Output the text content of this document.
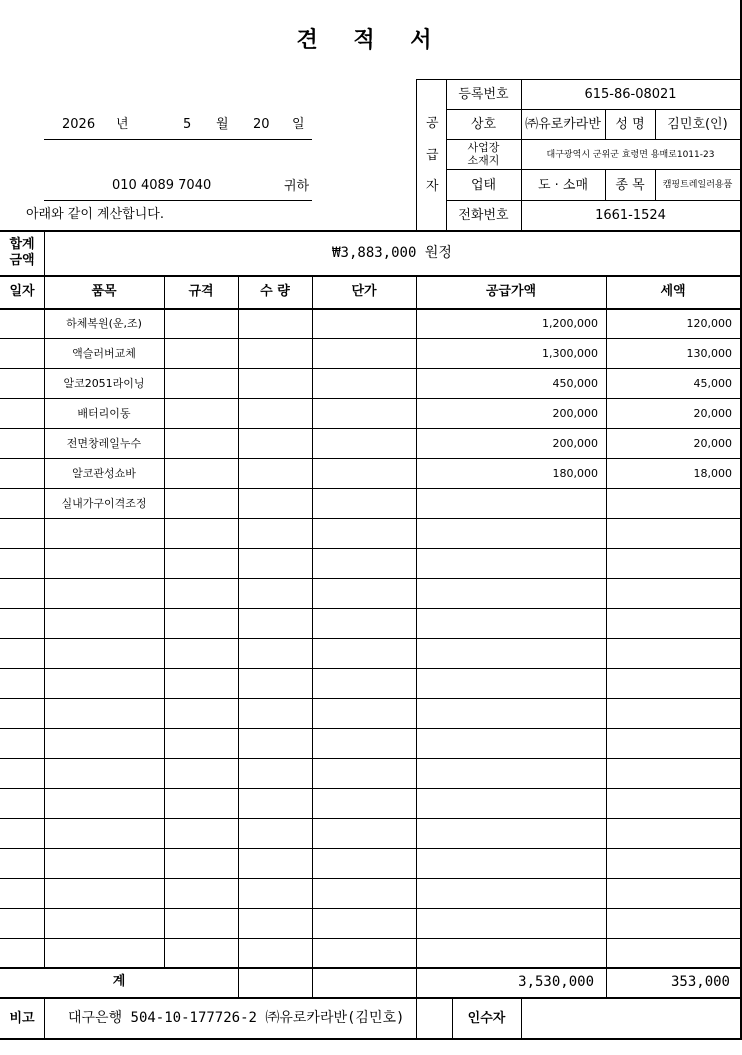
견 적 서
2026 년	5 월 20 일
010 4089 7040	귀하
아래와 같이 계산합니다.
공
급
자
등록번호	615-86-08021
상호	㈜유로카라반	성 명	김민호(인)
사업장
소재지	대구광역시 군위군 효령면 용매로1011-23
업태	도 · 소매	종 목	캠핑트레일러용품
전화번호	1661-1524
합계
금액	₩3,883,000 원정
일자	품목	규격	수 량	단가	공급가액	세액
하체복원(운,조)	1,200,000	120,000
액슬러버교체	1,300,000	130,000
알코2051라이닝	450,000	45,000
배터리이동	200,000	20,000
전면창레일누수	200,000	20,000
알코관성쇼바	180,000	18,000
실내가구이격조정
계	3,530,000	353,000
비고	대구은행 504-10-177726-2 ㈜유로카라반(김민호)	인수자
